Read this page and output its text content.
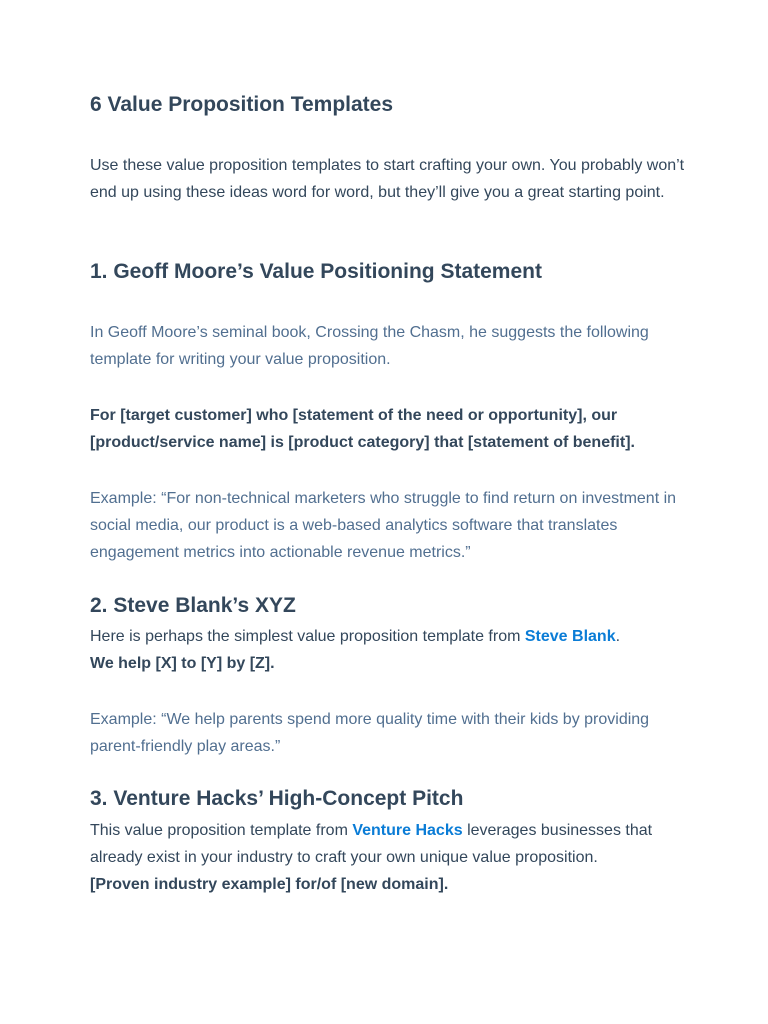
6 Value Proposition Templates

Use these value proposition templates to start crafting your own. You probably won’t end up using these ideas word for word, but they’ll give you a great starting point.

1. Geoff Moore’s Value Positioning Statement

In Geoff Moore’s seminal book, Crossing the Chasm, he suggests the following template for writing your value proposition.

For [target customer] who [statement of the need or opportunity], our [product/service name] is [product category] that [statement of benefit].

Example: “For non-technical marketers who struggle to find return on investment in social media, our product is a web-based analytics software that translates engagement metrics into actionable revenue metrics.”

2. Steve Blank’s XYZ

Here is perhaps the simplest value proposition template from Steve Blank.

We help [X] to [Y] by [Z].

Example: “We help parents spend more quality time with their kids by providing parent-friendly play areas.”

3. Venture Hacks’ High-Concept Pitch

This value proposition template from Venture Hacks leverages businesses that already exist in your industry to craft your own unique value proposition.

[Proven industry example] for/of [new domain].
